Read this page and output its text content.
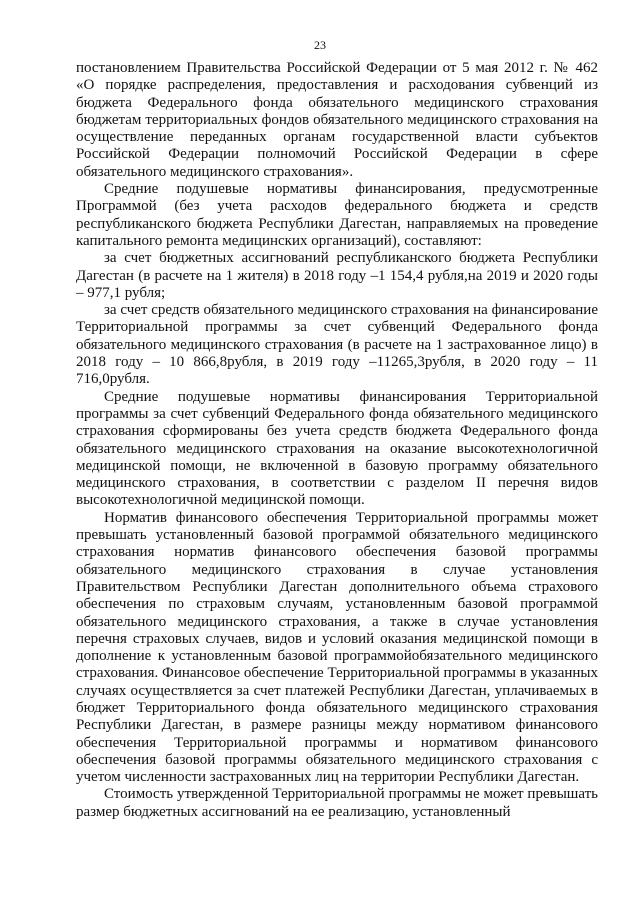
23

постановлением Правительства Российской Федерации от 5 мая 2012 г. № 462 «О порядке распределения, предоставления и расходования субвенций из бюджета Федерального фонда обязательного медицинского страхования бюджетам территориальных фондов обязательного медицинского страхования на осуществление переданных органам государственной власти субъектов Российской Федерации полномочий Российской Федерации в сфере обязательного медицинского страхования».

Средние подушевые нормативы финансирования, предусмотренные Программой (без учета расходов федерального бюджета и средств республиканского бюджета Республики Дагестан, направляемых на проведение капитального ремонта медицинских организаций), составляют:

за счет бюджетных ассигнований республиканского бюджета Республики Дагестан (в расчете на 1 жителя) в 2018 году –1 154,4 рубля,на 2019 и 2020 годы – 977,1 рубля;

за счет средств обязательного медицинского страхования на финансирование Территориальной программы за счет субвенций Федерального фонда обязательного медицинского страхования (в расчете на 1 застрахованное лицо) в 2018 году – 10 866,8рубля, в 2019 году –11265,3рубля, в 2020 году – 11 716,0рубля.

Средние подушевые нормативы финансирования Территориальной программы за счет субвенций Федерального фонда обязательного медицинского страхования сформированы без учета средств бюджета Федерального фонда обязательного медицинского страхования на оказание высокотехнологичной медицинской помощи, не включенной в базовую программу обязательного медицинского страхования, в соответствии с разделом II перечня видов высокотехнологичной медицинской помощи.

Норматив финансового обеспечения Территориальной программы может превышать установленный базовой программой обязательного медицинского страхования норматив финансового обеспечения базовой программы обязательного медицинского страхования в случае установления Правительством Республики Дагестан дополнительного объема страхового обеспечения по страховым случаям, установленным базовой программой обязательного медицинского страхования, а также в случае установления перечня страховых случаев, видов и условий оказания медицинской помощи в дополнение к установленным базовой программойобязательного медицинского страхования. Финансовое обеспечение Территориальной программы в указанных случаях осуществляется за счет платежей Республики Дагестан, уплачиваемых в бюджет Территориального фонда обязательного медицинского страхования Республики Дагестан, в размере разницы между нормативом финансового обеспечения Территориальной программы и нормативом финансового обеспечения базовой программы обязательного медицинского страхования с учетом численности застрахованных лиц на территории Республики Дагестан.

Стоимость утвержденной Территориальной программы не может превышать размер бюджетных ассигнований на ее реализацию, установленный
